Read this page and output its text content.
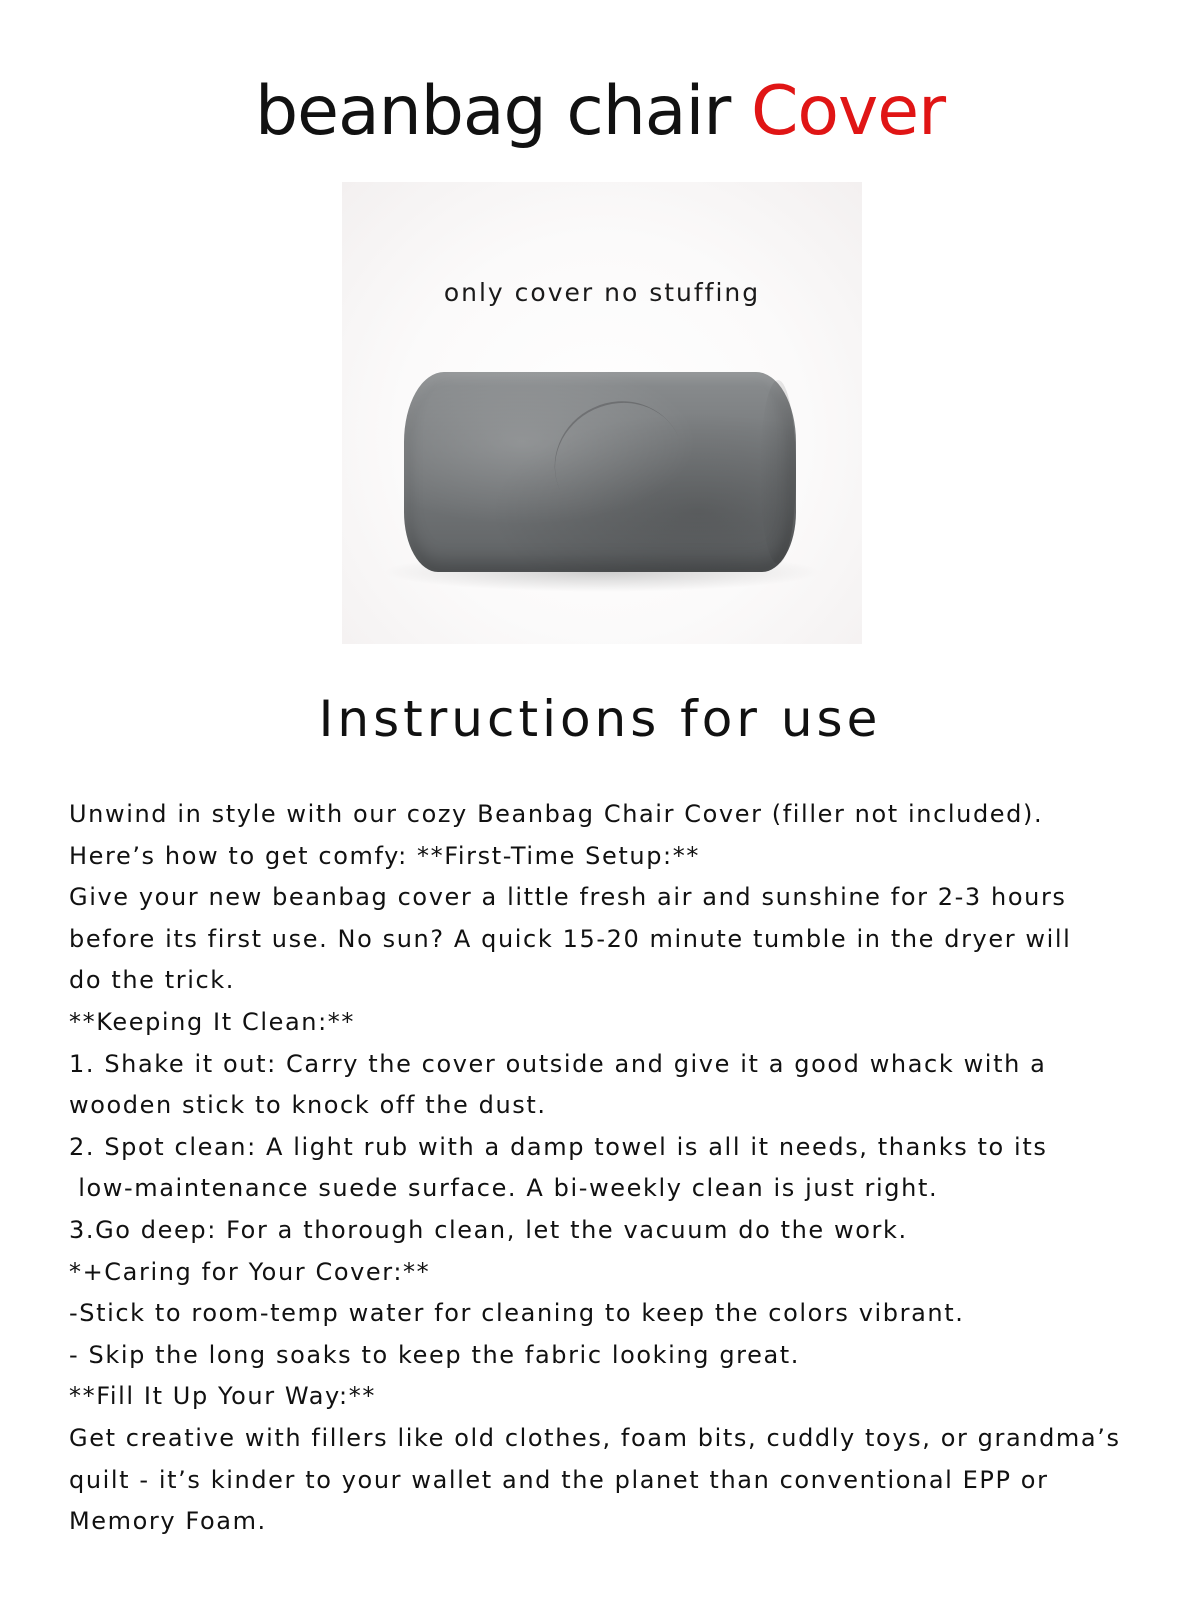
beanbag chair Cover
only cover no stuffing
Instructions for use
Unwind in style with our cozy Beanbag Chair Cover (filler not included).
Here’s how to get comfy: **First-Time Setup:**
Give your new beanbag cover a little fresh air and sunshine for 2-3 hours
before its first use. No sun? A quick 15-20 minute tumble in the dryer will
do the trick.
**Keeping It Clean:**
1. Shake it out: Carry the cover outside and give it a good whack with a
wooden stick to knock off the dust.
2. Spot clean: A light rub with a damp towel is all it needs, thanks to its
low-maintenance suede surface. A bi-weekly clean is just right.
3.Go deep: For a thorough clean, let the vacuum do the work.
*+Caring for Your Cover:**
-Stick to room-temp water for cleaning to keep the colors vibrant.
- Skip the long soaks to keep the fabric looking great.
**Fill It Up Your Way:**
Get creative with fillers like old clothes, foam bits, cuddly toys, or grandma’s
quilt - it’s kinder to your wallet and the planet than conventional EPP or
Memory Foam.
